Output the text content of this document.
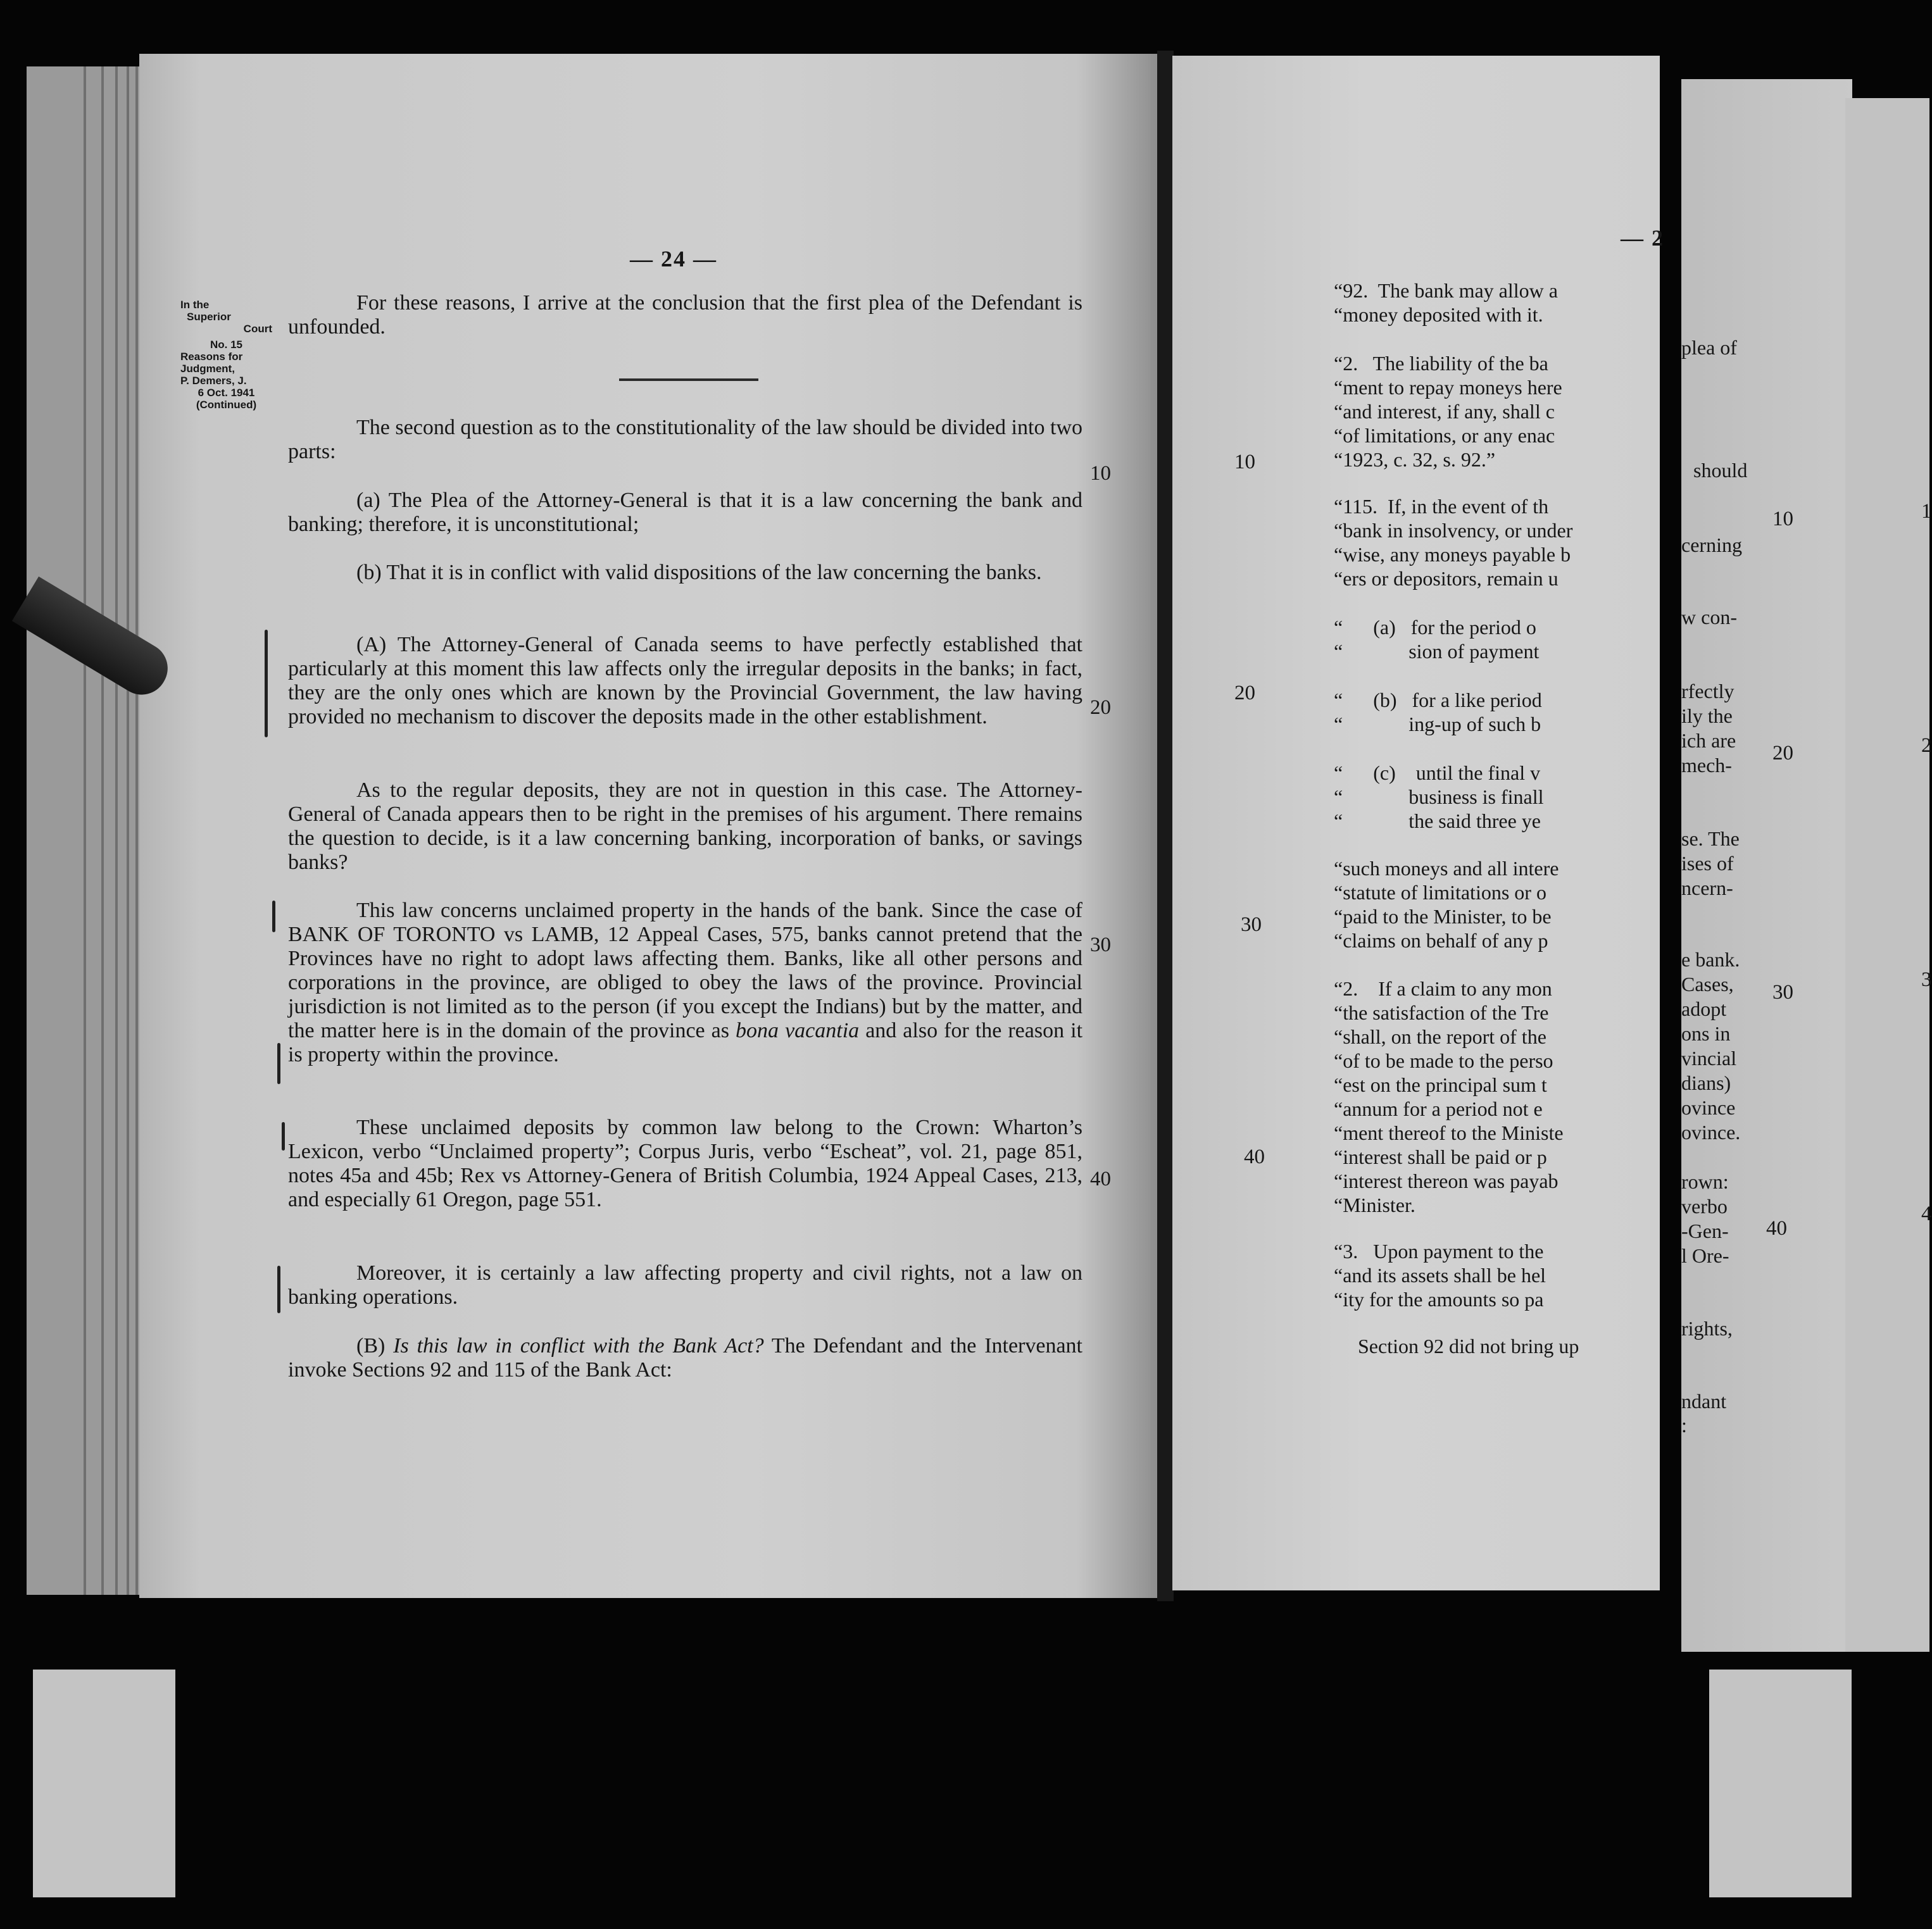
— 24 —
In the
Superior
Court
No. 15
Reasons for
Judgment,
P. Demers, J.
6 Oct. 1941
(Continued)
For these reasons, I arrive at the conclusion that the first plea of the Defendant is unfounded.
The second question as to the constitutionality of the law should be divided into two parts:
(a) The Plea of the Attorney-General is that it is a law concerning the bank and banking; therefore, it is unconstitutional;
(b) That it is in conflict with valid dispositions of the law concerning the banks.
(A) The Attorney-General of Canada seems to have perfectly established that particularly at this moment this law affects only the irregular deposits in the banks; in fact, they are the only ones which are known by the Provincial Government, the law having provided no mechanism to discover the deposits made in the other establishment.
As to the regular deposits, they are not in question in this case. The Attorney-General of Canada appears then to be right in the premises of his argument. There remains the question to decide, is it a law concerning banking, incorporation of banks, or savings banks?
This law concerns unclaimed property in the hands of the bank. Since the case of BANK OF TORONTO vs LAMB, 12 Appeal Cases, 575, banks cannot pretend that the Provinces have no right to adopt laws affecting them. Banks, like all other persons and corporations in the province, are obliged to obey the laws of the province. Provincial jurisdiction is not limited as to the person (if you except the Indians) but by the matter, and the matter here is in the domain of the province as bona vacantia and also for the reason it is property within the province.
These unclaimed deposits by common law belong to the Crown: Wharton’s Lexicon, verbo “Unclaimed property”; Corpus Juris, verbo “Escheat”, vol. 21, page 851, notes 45a and 45b; Rex vs Attorney-Genera of British Columbia, 1924 Appeal Cases, 213, and especially 61 Oregon, page 551.
Moreover, it is certainly a law affecting property and civil rights, not a law on banking operations.
(B) Is this law in conflict with the Bank Act? The Defendant and the Intervenant invoke Sections 92 and 115 of the Bank Act:
10
20
30
40
— 2
10
20
30
40
“92.  The bank may allow a
“money deposited with it.
“2.   The liability of the ba
“ment to repay moneys here
“and interest, if any, shall c
“of limitations, or any enac
“1923, c. 32, s. 92.”
“115.  If, in the event of th
“bank in insolvency, or under
“wise, any moneys payable b
“ers or depositors, remain u
“      (a)   for the period o
“             sion of payment
“      (b)   for a like period
“             ing-up of such b
“      (c)    until the final v
“             business is finall
“             the said three ye
“such moneys and all intere
“statute of limitations or o
“paid to the Minister, to be
“claims on behalf of any p
“2.    If a claim to any mon
“the satisfaction of the Tre
“shall, on the report of the
“of to be made to the perso
“est on the principal sum t
“annum for a period not e
“ment thereof to the Ministe
“interest shall be paid or p
“interest thereon was payab
“Minister.
“3.   Upon payment to the
“and its assets shall be hel
“ity for the amounts so pa
Section 92 did not bring up
plea of
should
cerning
w con-
rfectly
ily the
ich are
mech-
se. The
ises of
ncern-
e bank.
Cases,
adopt
ons in
vincial
dians)
ovince
ovince.
rown:
verbo
-Gen-
l Ore-
rights,
ndant
:
10
20
30
40
1
2
3
4
